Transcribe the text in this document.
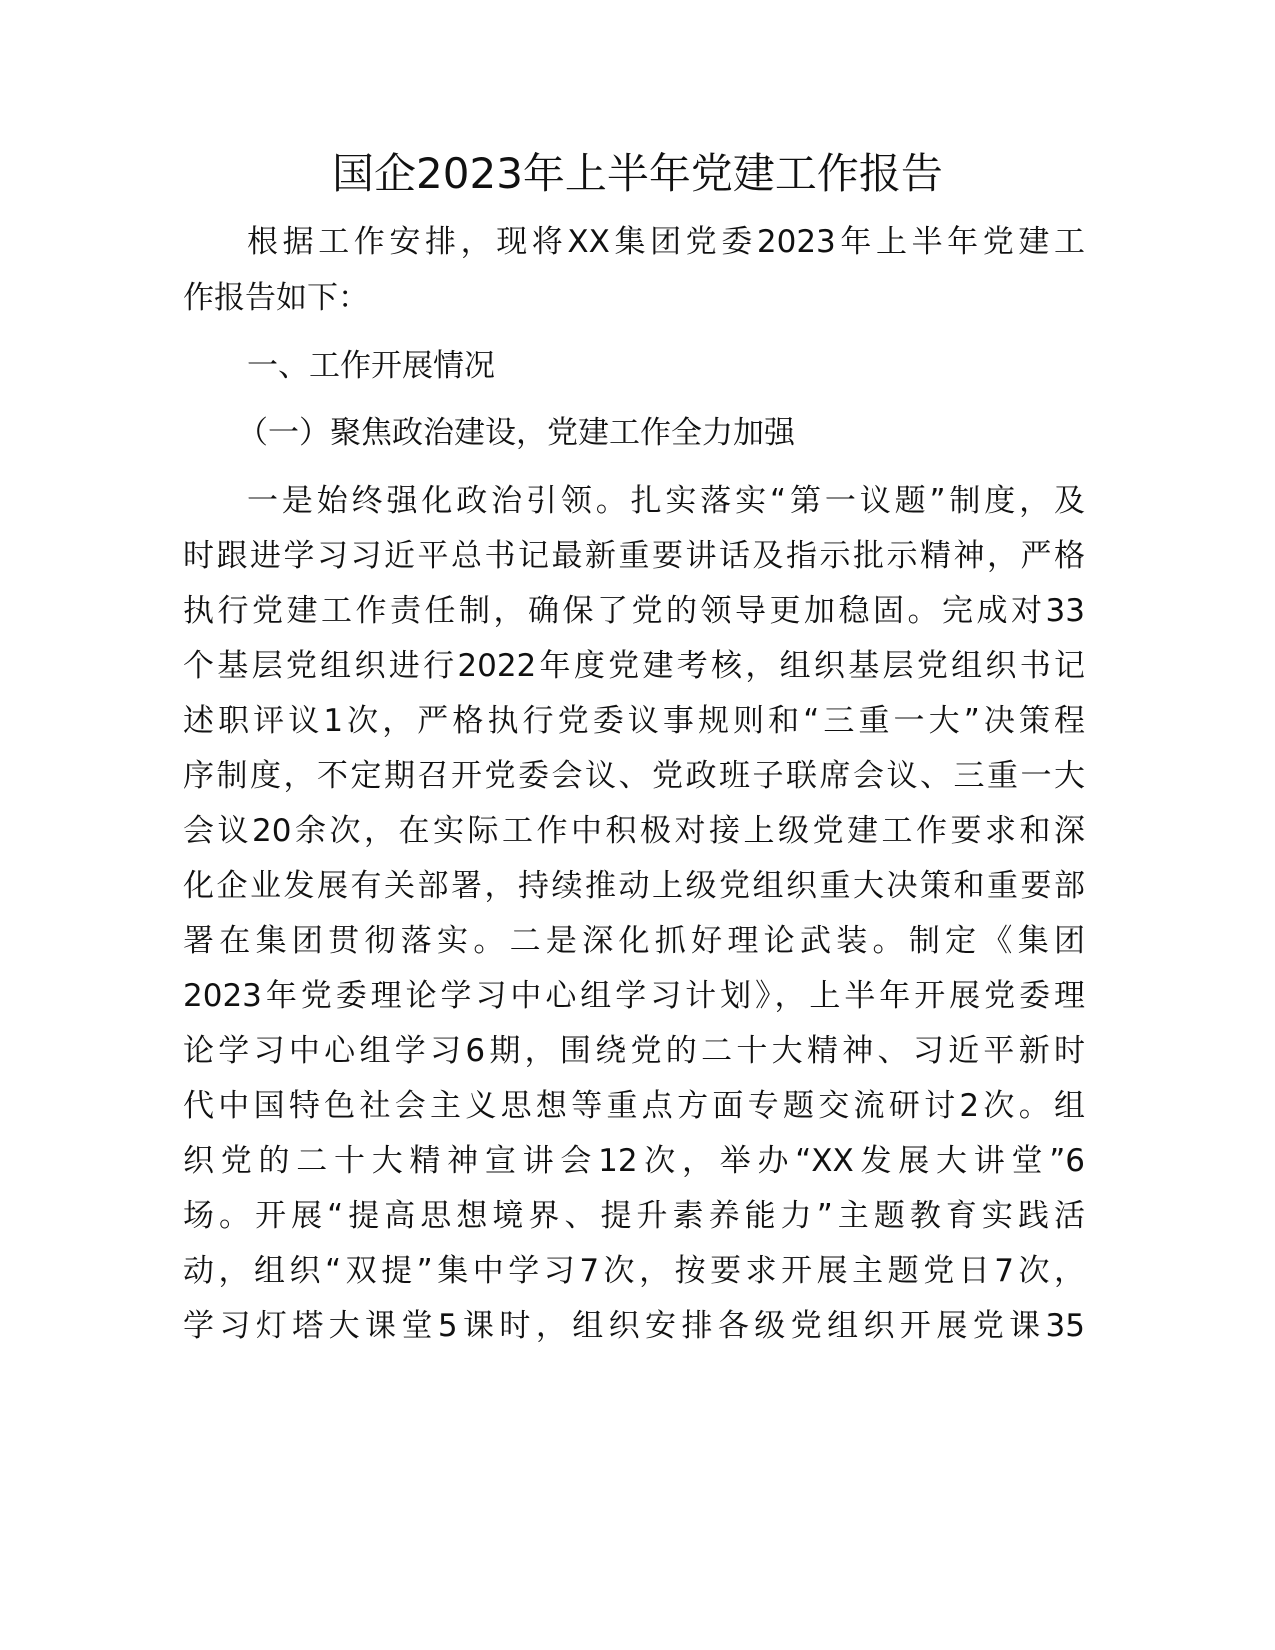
国企2023年上半年党建工作报告
根据工作安排，现将XX集团党委2023年上半年党建工
作报告如下：
一、工作开展情况
（一）聚焦政治建设，党建工作全力加强
一是始终强化政治引领。扎实落实“第一议题”制度，及
时跟进学习习近平总书记最新重要讲话及指示批示精神，严格
执行党建工作责任制，确保了党的领导更加稳固。完成对33
个基层党组织进行2022年度党建考核，组织基层党组织书记
述职评议1次，严格执行党委议事规则和“三重一大”决策程
序制度，不定期召开党委会议、党政班子联席会议、三重一大
会议20余次，在实际工作中积极对接上级党建工作要求和深
化企业发展有关部署，持续推动上级党组织重大决策和重要部
署在集团贯彻落实。二是深化抓好理论武装。制定《集团
2023年党委理论学习中心组学习计划》，上半年开展党委理
论学习中心组学习6期，围绕党的二十大精神、习近平新时
代中国特色社会主义思想等重点方面专题交流研讨2次。组
织党的二十大精神宣讲会12次，举办“XX发展大讲堂”6
场。开展“提高思想境界、提升素养能力”主题教育实践活
动，组织“双提”集中学习7次，按要求开展主题党日7次，
学习灯塔大课堂5课时，组织安排各级党组织开展党课35
